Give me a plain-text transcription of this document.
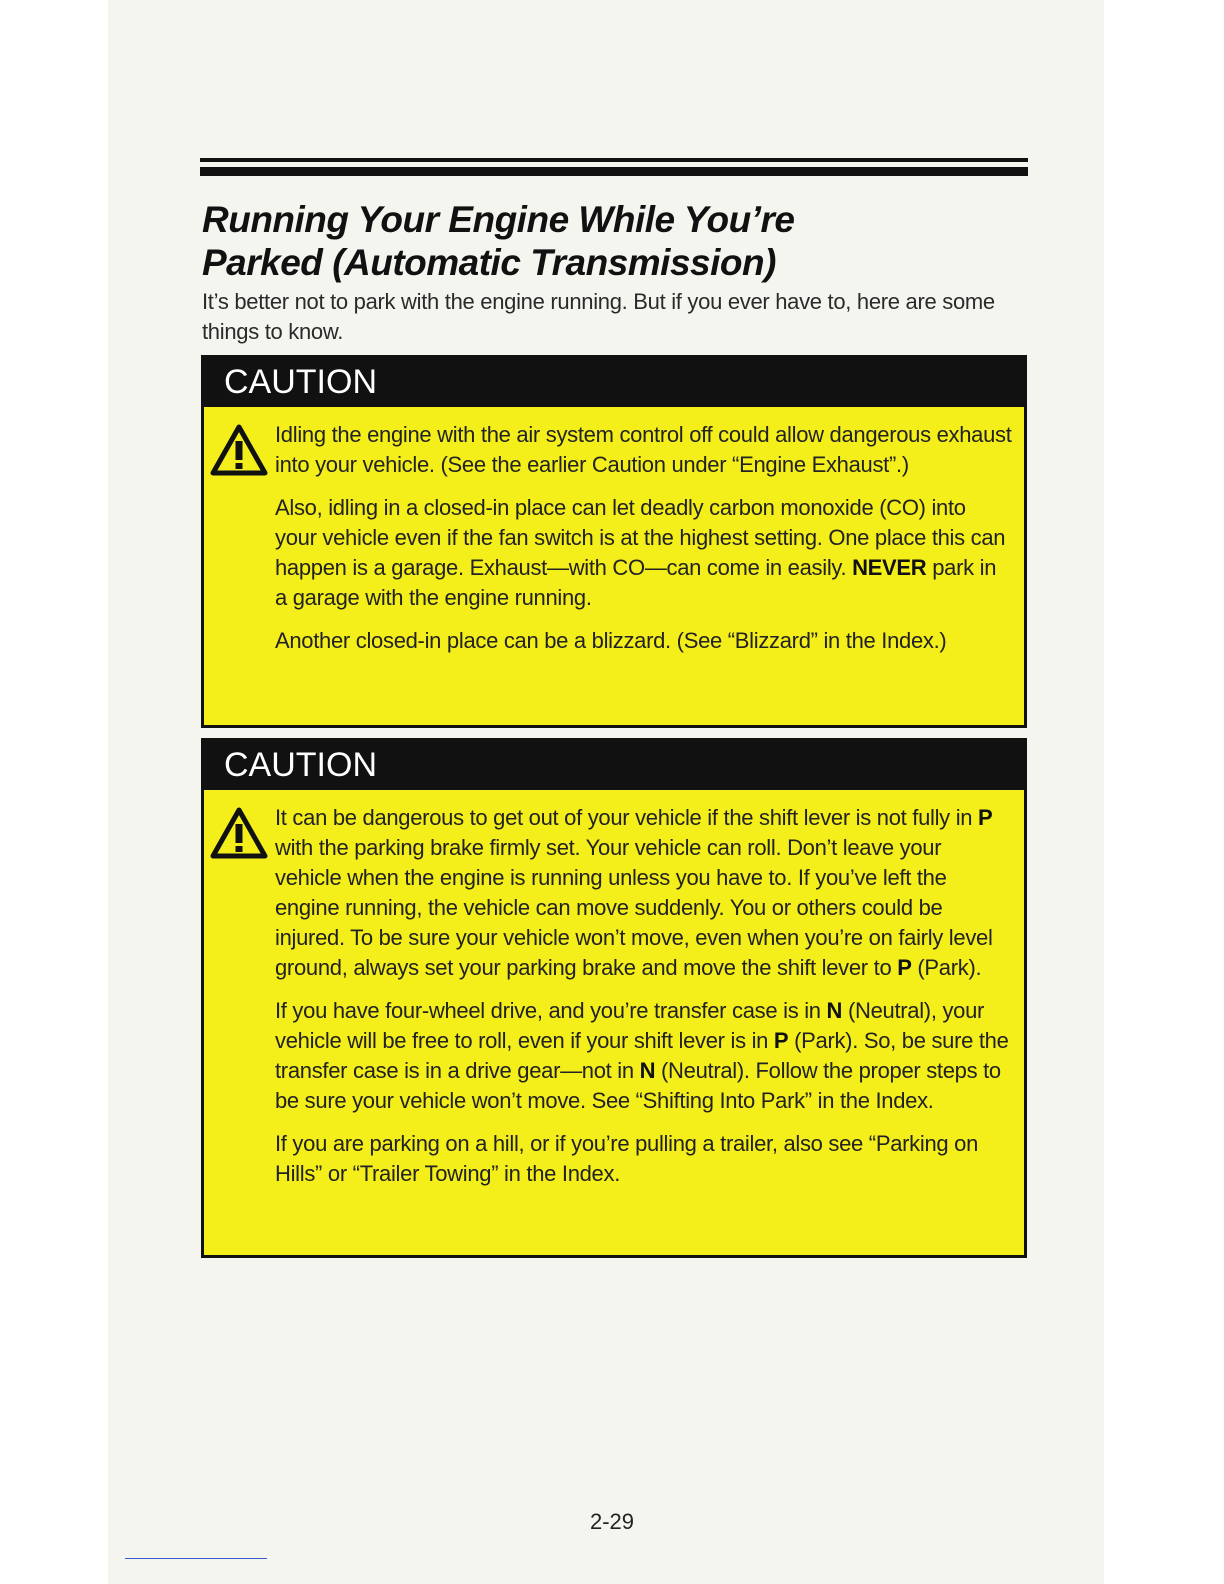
Running Your Engine While You’re
Parked (Automatic Transmission)

It’s better not to park with the engine running. But if you ever have to, here are some things to know.

CAUTION

Idling the engine with the air system control off could allow dangerous exhaust into your vehicle. (See the earlier Caution under “Engine Exhaust”.)

Also, idling in a closed-in place can let deadly carbon monoxide (CO) into your vehicle even if the fan switch is at the highest setting. One place this can happen is a garage. Exhaust—with CO—can come in easily. NEVER park in a garage with the engine running.

Another closed-in place can be a blizzard. (See “Blizzard” in the Index.)

CAUTION

It can be dangerous to get out of your vehicle if the shift lever is not fully in P with the parking brake firmly set. Your vehicle can roll. Don’t leave your vehicle when the engine is running unless you have to. If you’ve left the engine running, the vehicle can move suddenly. You or others could be injured. To be sure your vehicle won’t move, even when you’re on fairly level ground, always set your parking brake and move the shift lever to P (Park).

If you have four-wheel drive, and you’re transfer case is in N (Neutral), your vehicle will be free to roll, even if your shift lever is in P (Park). So, be sure the transfer case is in a drive gear—not in N (Neutral). Follow the proper steps to be sure your vehicle won’t move. See “Shifting Into Park” in the Index.

If you are parking on a hill, or if you’re pulling a trailer, also see “Parking on Hills” or “Trailer Towing” in the Index.

2-29
